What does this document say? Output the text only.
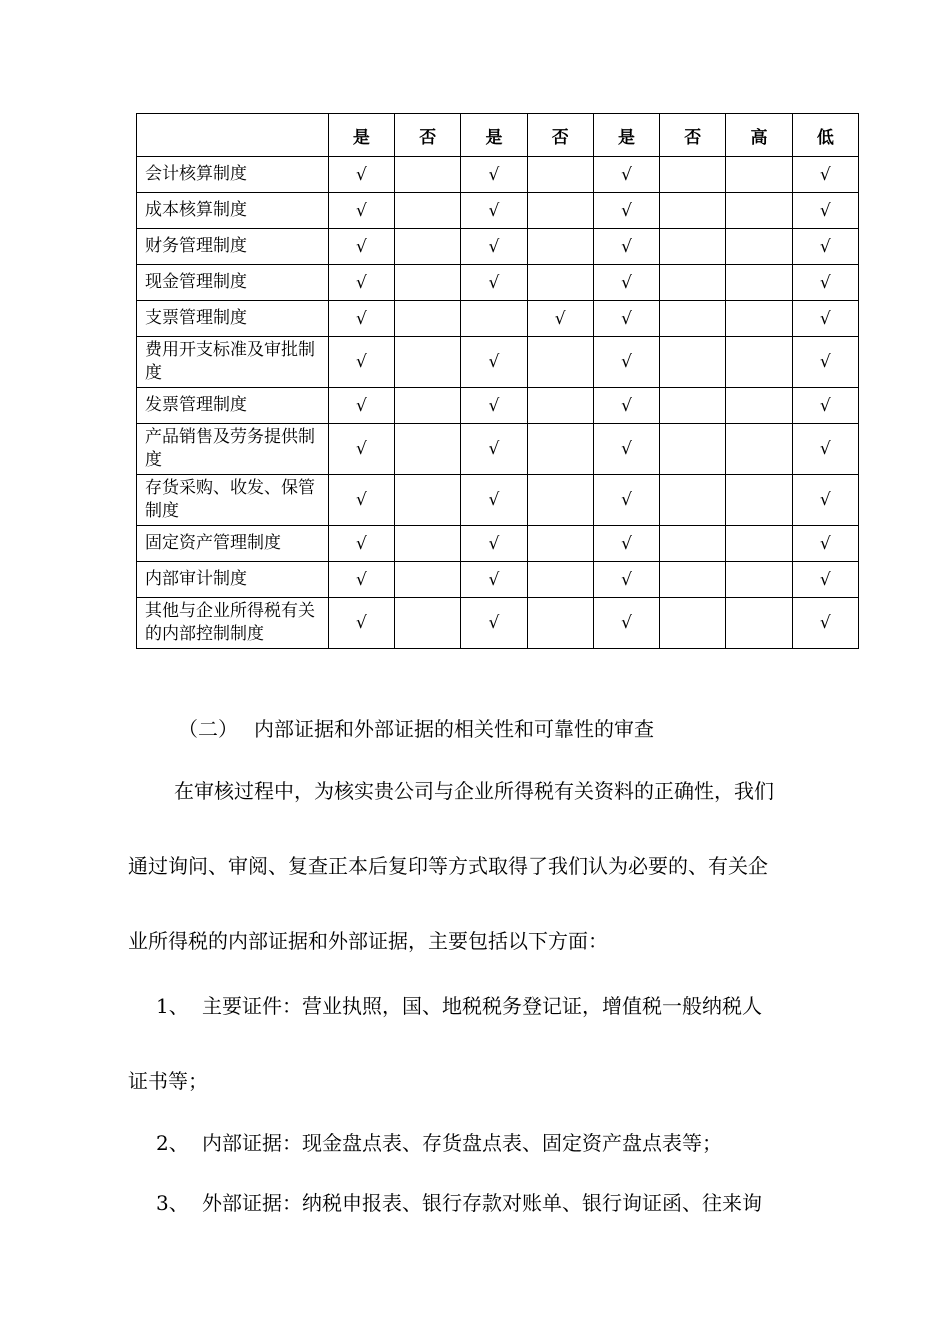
	是	否	是	否	是	否	高	低
会计核算制度	√		√		√			√
成本核算制度	√		√		√			√
财务管理制度	√		√		√			√
现金管理制度	√		√		√			√
支票管理制度	√			√	√			√
费用开支标准及审批制度	√		√		√			√
发票管理制度	√		√		√			√
产品销售及劳务提供制度	√		√		√			√
存货采购、收发、保管制度	√		√		√			√
固定资产管理制度	√		√		√			√
内部审计制度	√		√		√			√
其他与企业所得税有关的内部控制制度	√		√		√			√
（二） 内部证据和外部证据的相关性和可靠性的审查
在审核过程中，为核实贵公司与企业所得税有关资料的正确性，我们
通过询问、审阅、复查正本后复印等方式取得了我们认为必要的、有关企
业所得税的内部证据和外部证据，主要包括以下方面：
1、 主要证件：营业执照，国、地税税务登记证，增值税一般纳税人
证书等；
2、 内部证据：现金盘点表、存货盘点表、固定资产盘点表等；
3、 外部证据：纳税申报表、银行存款对账单、银行询证函、往来询
